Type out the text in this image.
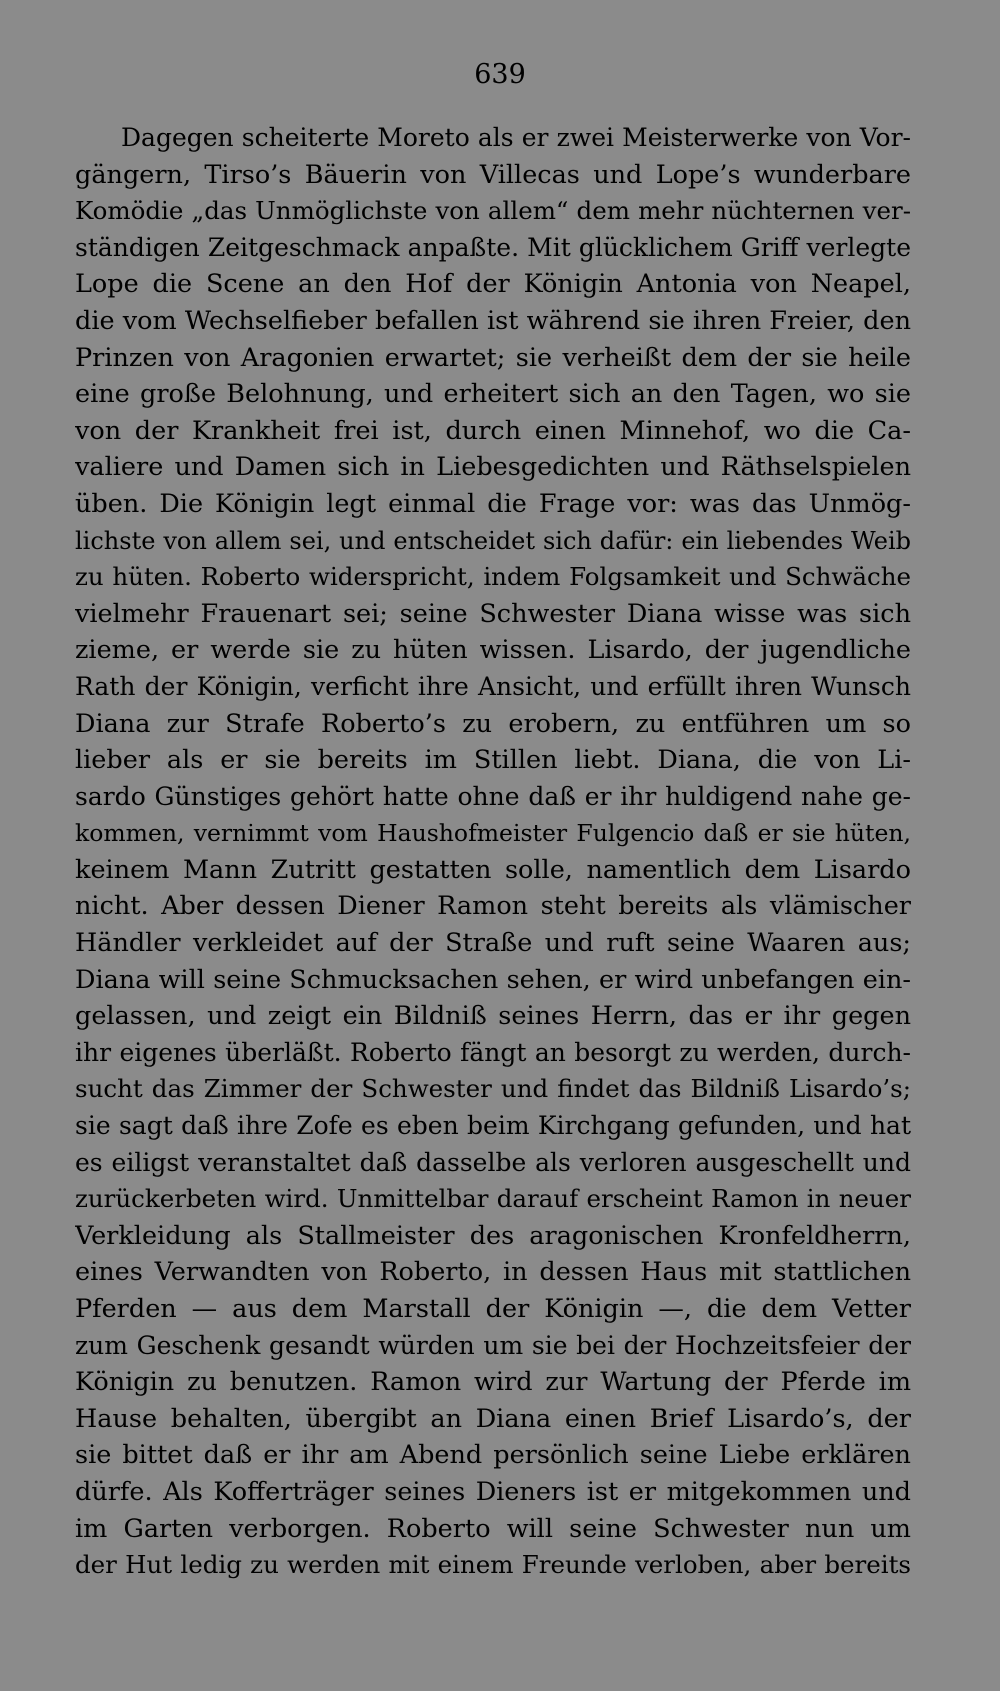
639
Dagegen scheiterte Moreto als er zwei Meisterwerke von Vor-
gängern, Tirso’s Bäuerin von Villecas und Lope’s wunderbare
Komödie „das Unmöglichste von allem“ dem mehr nüchternen ver-
ständigen Zeitgeschmack anpaßte. Mit glücklichem Griff verlegte
Lope die Scene an den Hof der Königin Antonia von Neapel,
die vom Wechselfieber befallen ist während sie ihren Freier, den
Prinzen von Aragonien erwartet; sie verheißt dem der sie heile
eine große Belohnung, und erheitert sich an den Tagen, wo sie
von der Krankheit frei ist, durch einen Minnehof, wo die Ca-
valiere und Damen sich in Liebesgedichten und Räthselspielen
üben. Die Königin legt einmal die Frage vor: was das Unmög-
lichste von allem sei, und entscheidet sich dafür: ein liebendes Weib
zu hüten. Roberto widerspricht, indem Folgsamkeit und Schwäche
vielmehr Frauenart sei; seine Schwester Diana wisse was sich
zieme, er werde sie zu hüten wissen. Lisardo, der jugendliche
Rath der Königin, verficht ihre Ansicht, und erfüllt ihren Wunsch
Diana zur Strafe Roberto’s zu erobern, zu entführen um so
lieber als er sie bereits im Stillen liebt. Diana, die von Li-
sardo Günstiges gehört hatte ohne daß er ihr huldigend nahe ge-
kommen, vernimmt vom Haushofmeister Fulgencio daß er sie hüten,
keinem Mann Zutritt gestatten solle, namentlich dem Lisardo
nicht. Aber dessen Diener Ramon steht bereits als vlämischer
Händler verkleidet auf der Straße und ruft seine Waaren aus;
Diana will seine Schmucksachen sehen, er wird unbefangen ein-
gelassen, und zeigt ein Bildniß seines Herrn, das er ihr gegen
ihr eigenes überläßt. Roberto fängt an besorgt zu werden, durch-
sucht das Zimmer der Schwester und findet das Bildniß Lisardo’s;
sie sagt daß ihre Zofe es eben beim Kirchgang gefunden, und hat
es eiligst veranstaltet daß dasselbe als verloren ausgeschellt und
zurückerbeten wird. Unmittelbar darauf erscheint Ramon in neuer
Verkleidung als Stallmeister des aragonischen Kronfeldherrn,
eines Verwandten von Roberto, in dessen Haus mit stattlichen
Pferden — aus dem Marstall der Königin —, die dem Vetter
zum Geschenk gesandt würden um sie bei der Hochzeitsfeier der
Königin zu benutzen. Ramon wird zur Wartung der Pferde im
Hause behalten, übergibt an Diana einen Brief Lisardo’s, der
sie bittet daß er ihr am Abend persönlich seine Liebe erklären
dürfe. Als Kofferträger seines Dieners ist er mitgekommen und
im Garten verborgen. Roberto will seine Schwester nun um
der Hut ledig zu werden mit einem Freunde verloben, aber bereits
